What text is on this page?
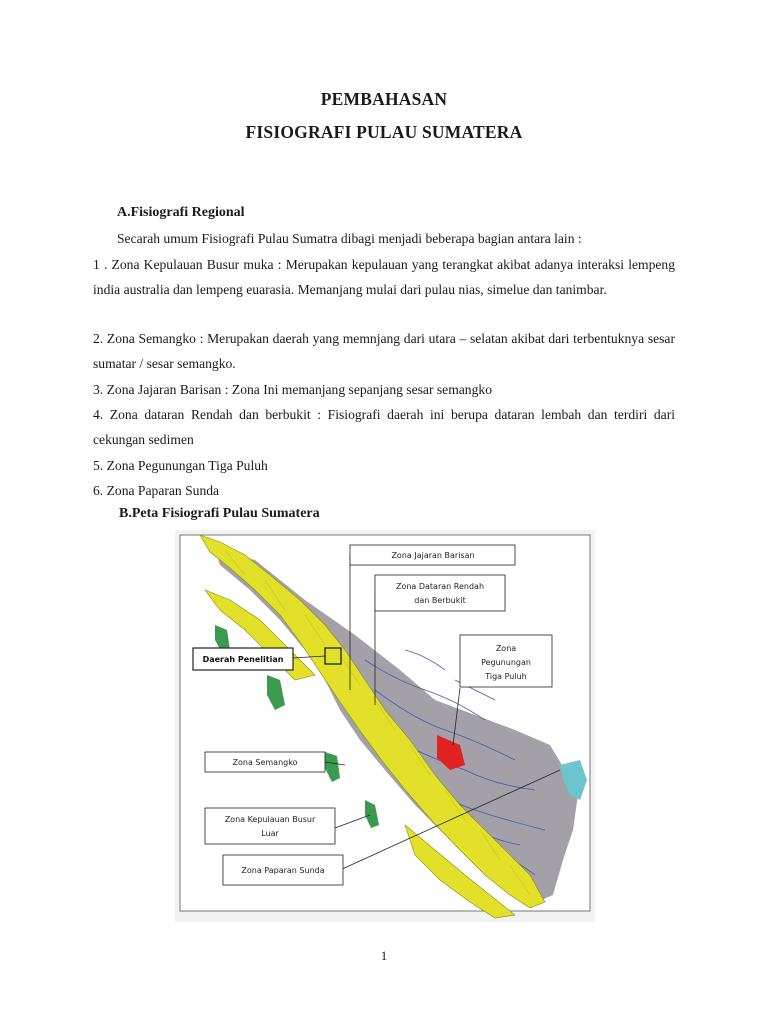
PEMBAHASAN
FISIOGRAFI PULAU SUMATERA
A.Fisiografi Regional
Secarah umum Fisiografi Pulau Sumatra dibagi menjadi beberapa bagian antara lain :
1 . Zona Kepulauan Busur muka : Merupakan kepulauan yang terangkat akibat adanya interaksi lempeng india australia dan lempeng euarasia. Memanjang mulai dari pulau nias, simelue dan tanimbar.
2. Zona Semangko : Merupakan daerah yang memnjang dari utara – selatan akibat dari terbentuknya sesar sumatar / sesar semangko.
3. Zona Jajaran Barisan : Zona Ini memanjang sepanjang sesar semangko
4. Zona dataran Rendah dan berbukit : Fisiografi daerah ini berupa dataran lembah dan terdiri dari cekungan sedimen
5. Zona Pegunungan Tiga Puluh
6. Zona Paparan Sunda
B.Peta Fisiografi Pulau Sumatera
Zona Jajaran Barisan
Zona Dataran Rendah
dan Berbukit
Zona
Pegunungan
Tiga Puluh
Daerah Penelitian
Zona Semangko
Zona Kepulauan Busur
Luar
Zona Paparan Sunda
1
